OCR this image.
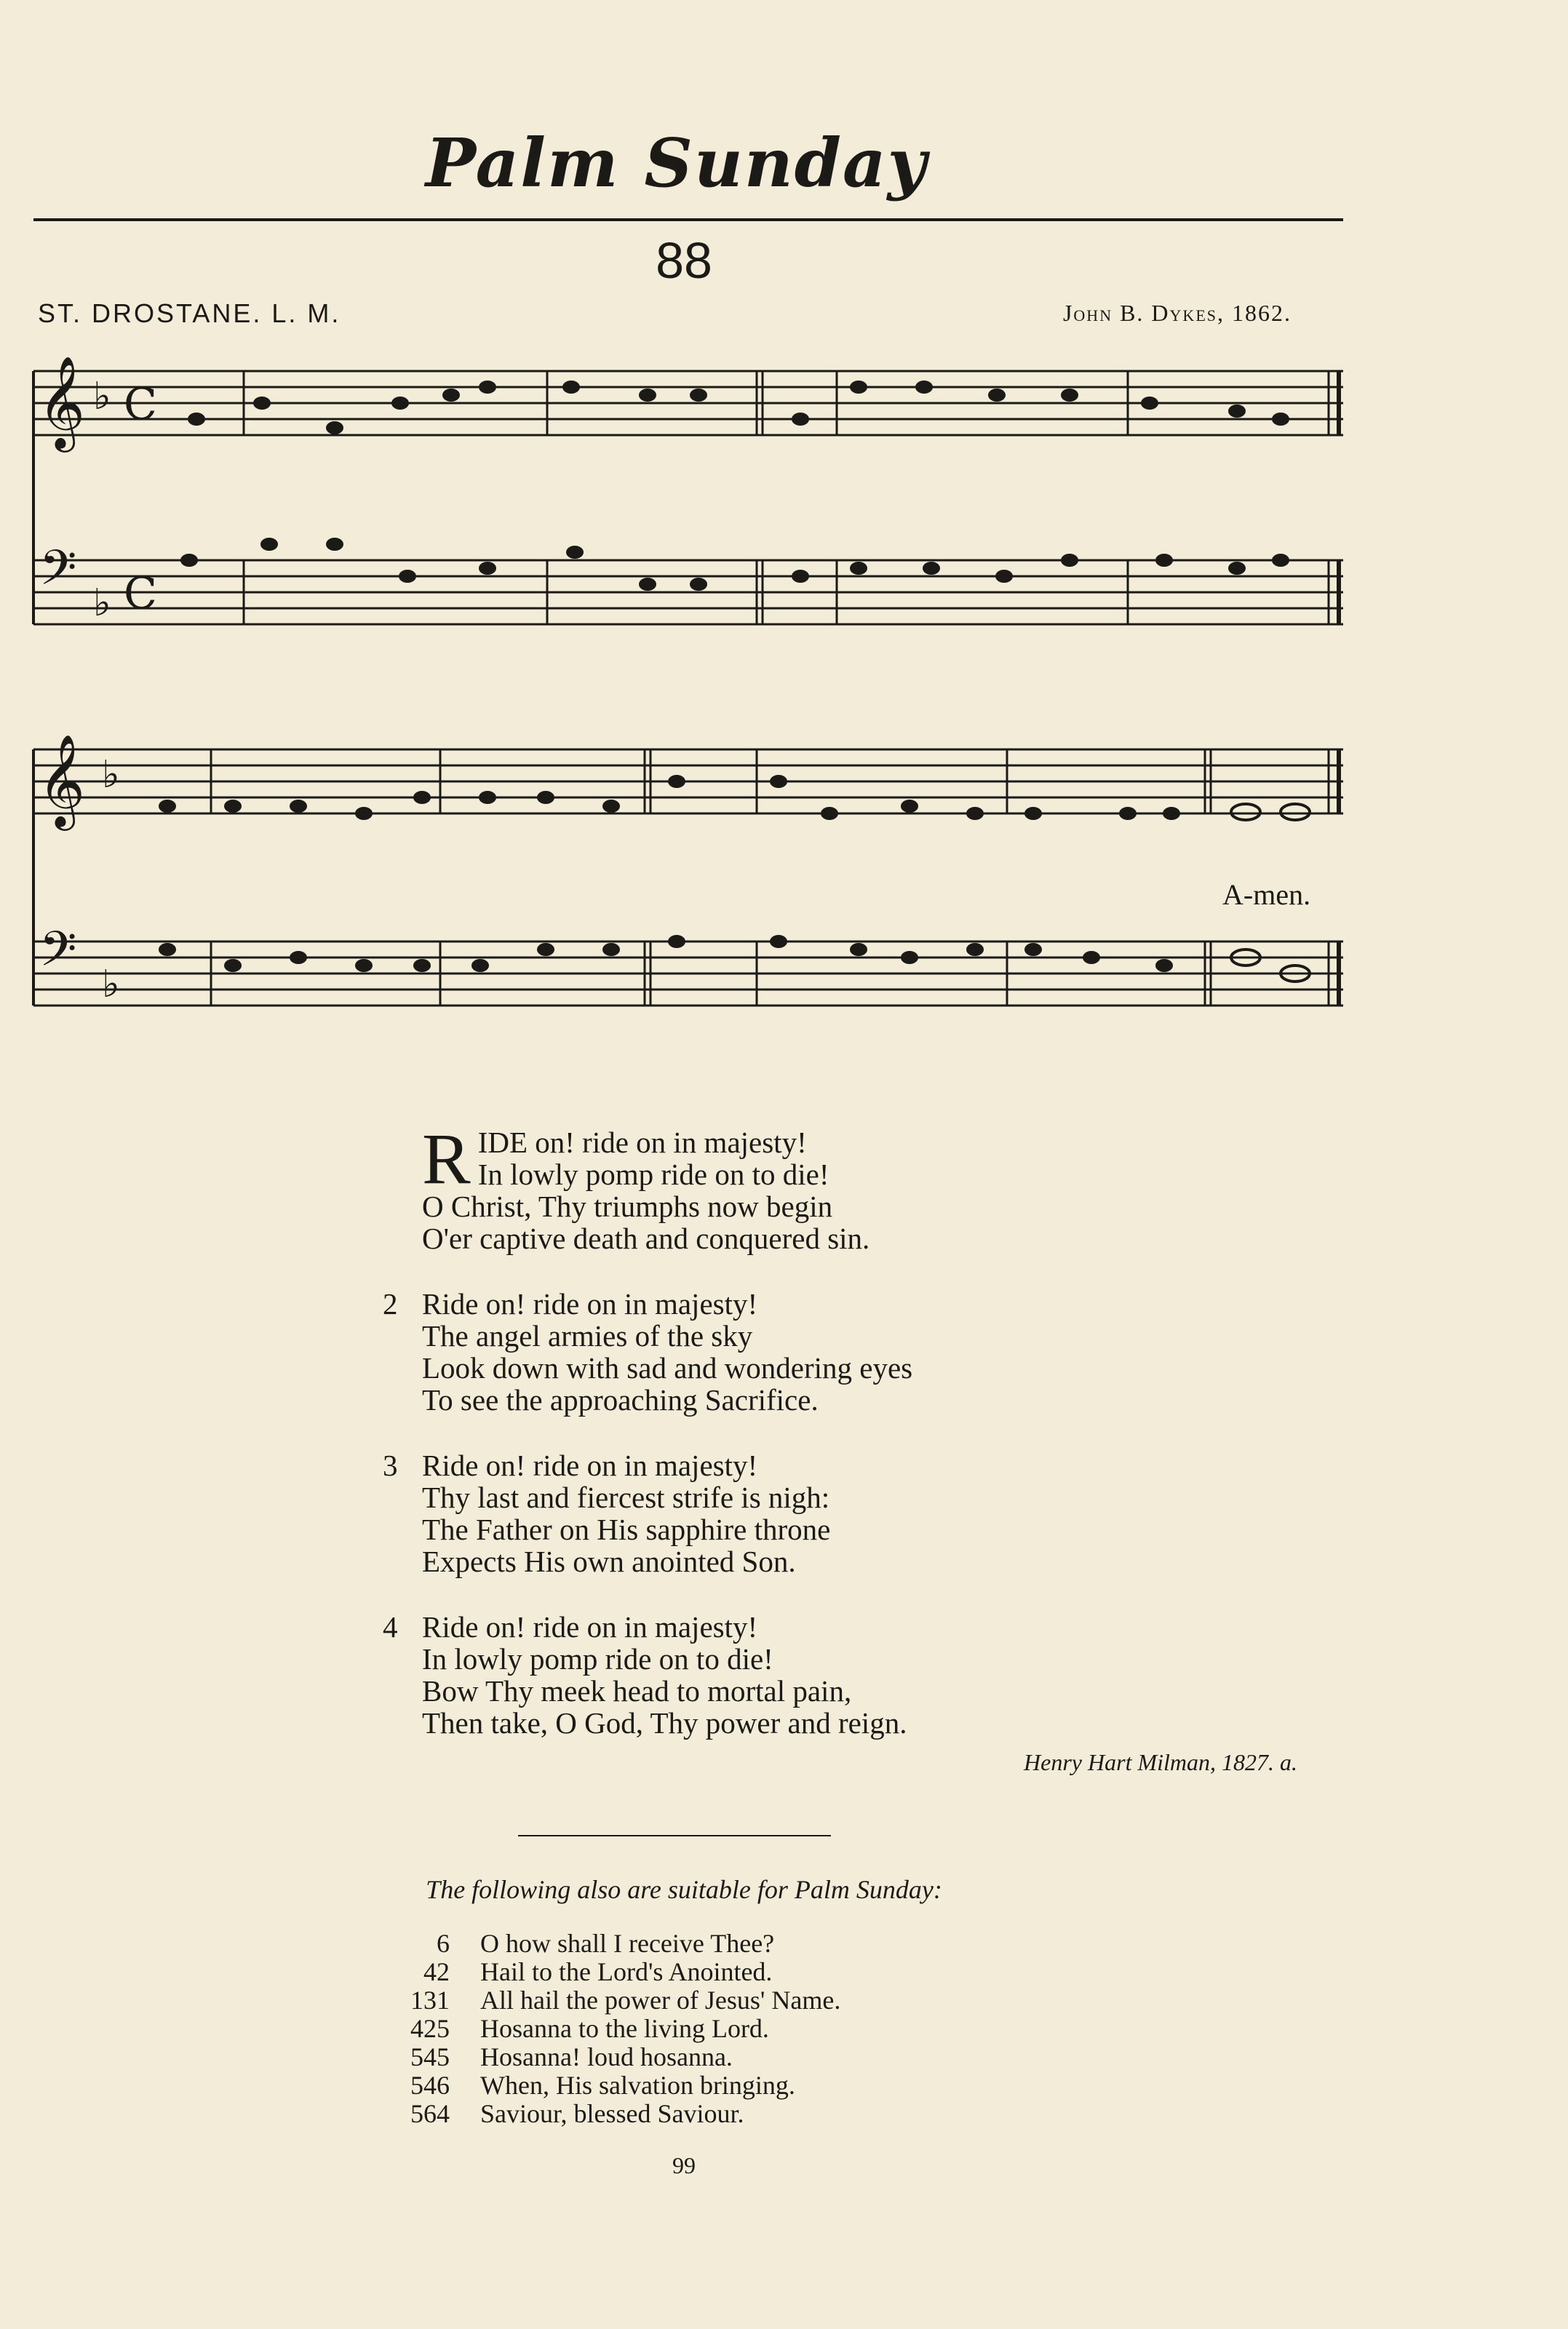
Palm Sunday
88
ST. DROSTANE. L. M.	John B. Dykes, 1862.
𝄞
𝄢
♭
♭
C
C
𝄞
𝄢
♭
♭
A-men.
R IDE on! ride on in majesty!
In lowly pomp ride on to die!
O Christ, Thy triumphs now begin
O'er captive death and conquered sin.
2 Ride on! ride on in majesty!
The angel armies of the sky
Look down with sad and wondering eyes
To see the approaching Sacrifice.
3 Ride on! ride on in majesty!
Thy last and fiercest strife is nigh:
The Father on His sapphire throne
Expects His own anointed Son.
4 Ride on! ride on in majesty!
In lowly pomp ride on to die!
Bow Thy meek head to mortal pain,
Then take, O God, Thy power and reign.
Henry Hart Milman, 1827. a.
The following also are suitable for Palm Sunday:
6 O how shall I receive Thee?
42 Hail to the Lord's Anointed.
131 All hail the power of Jesus' Name.
425 Hosanna to the living Lord.
545 Hosanna! loud hosanna.
546 When, His salvation bringing.
564 Saviour, blessed Saviour.
99
